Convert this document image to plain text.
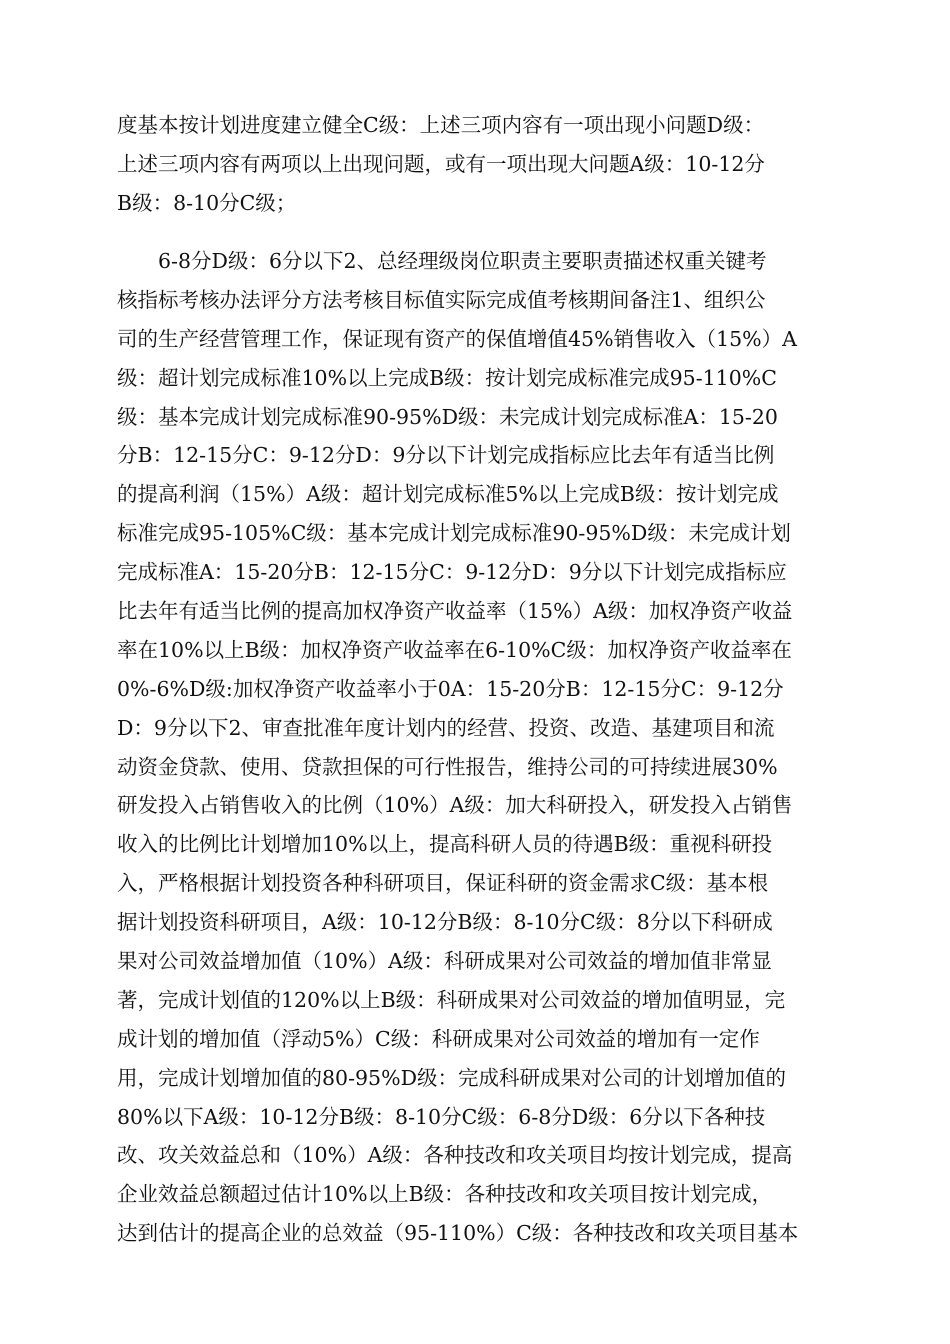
度基本按计划进度建立健全C级：上述三项内容有一项出现小问题D级：
上述三项内容有两项以上出现问题，或有一项出现大问题A级：10-12分
B级：8-10分C级；
6-8分D级：6分以下2、总经理级岗位职责主要职责描述权重关键考
核指标考核办法评分方法考核目标值实际完成值考核期间备注1、组织公
司的生产经营管理工作，保证现有资产的保值增值45%销售收入（15%）A
级：超计划完成标准10%以上完成B级：按计划完成标准完成95-110%C
级：基本完成计划完成标准90-95%D级：未完成计划完成标准A：15-20
分B：12-15分C：9-12分D：9分以下计划完成指标应比去年有适当比例
的提高利润（15%）A级：超计划完成标准5%以上完成B级：按计划完成
标准完成95-105%C级：基本完成计划完成标准90-95%D级：未完成计划
完成标准A：15-20分B：12-15分C：9-12分D：9分以下计划完成指标应
比去年有适当比例的提高加权净资产收益率（15%）A级：加权净资产收益
率在10%以上B级：加权净资产收益率在6-10%C级：加权净资产收益率在
0%-6%D级:加权净资产收益率小于0A：15-20分B：12-15分C：9-12分
D：9分以下2、审查批准年度计划内的经营、投资、改造、基建项目和流
动资金贷款、使用、贷款担保的可行性报告，维持公司的可持续进展30%
研发投入占销售收入的比例（10%）A级：加大科研投入，研发投入占销售
收入的比例比计划增加10%以上，提高科研人员的待遇B级：重视科研投
入，严格根据计划投资各种科研项目，保证科研的资金需求C级：基本根
据计划投资科研项目，A级：10-12分B级：8-10分C级：8分以下科研成
果对公司效益增加值（10%）A级：科研成果对公司效益的增加值非常显
著，完成计划值的120%以上B级：科研成果对公司效益的增加值明显，完
成计划的增加值（浮动5%）C级：科研成果对公司效益的增加有一定作
用，完成计划增加值的80-95%D级：完成科研成果对公司的计划增加值的
80%以下A级：10-12分B级：8-10分C级：6-8分D级：6分以下各种技
改、攻关效益总和（10%）A级：各种技改和攻关项目均按计划完成，提高
企业效益总额超过估计10%以上B级：各种技改和攻关项目按计划完成，
达到估计的提高企业的总效益（95-110%）C级：各种技改和攻关项目基本
